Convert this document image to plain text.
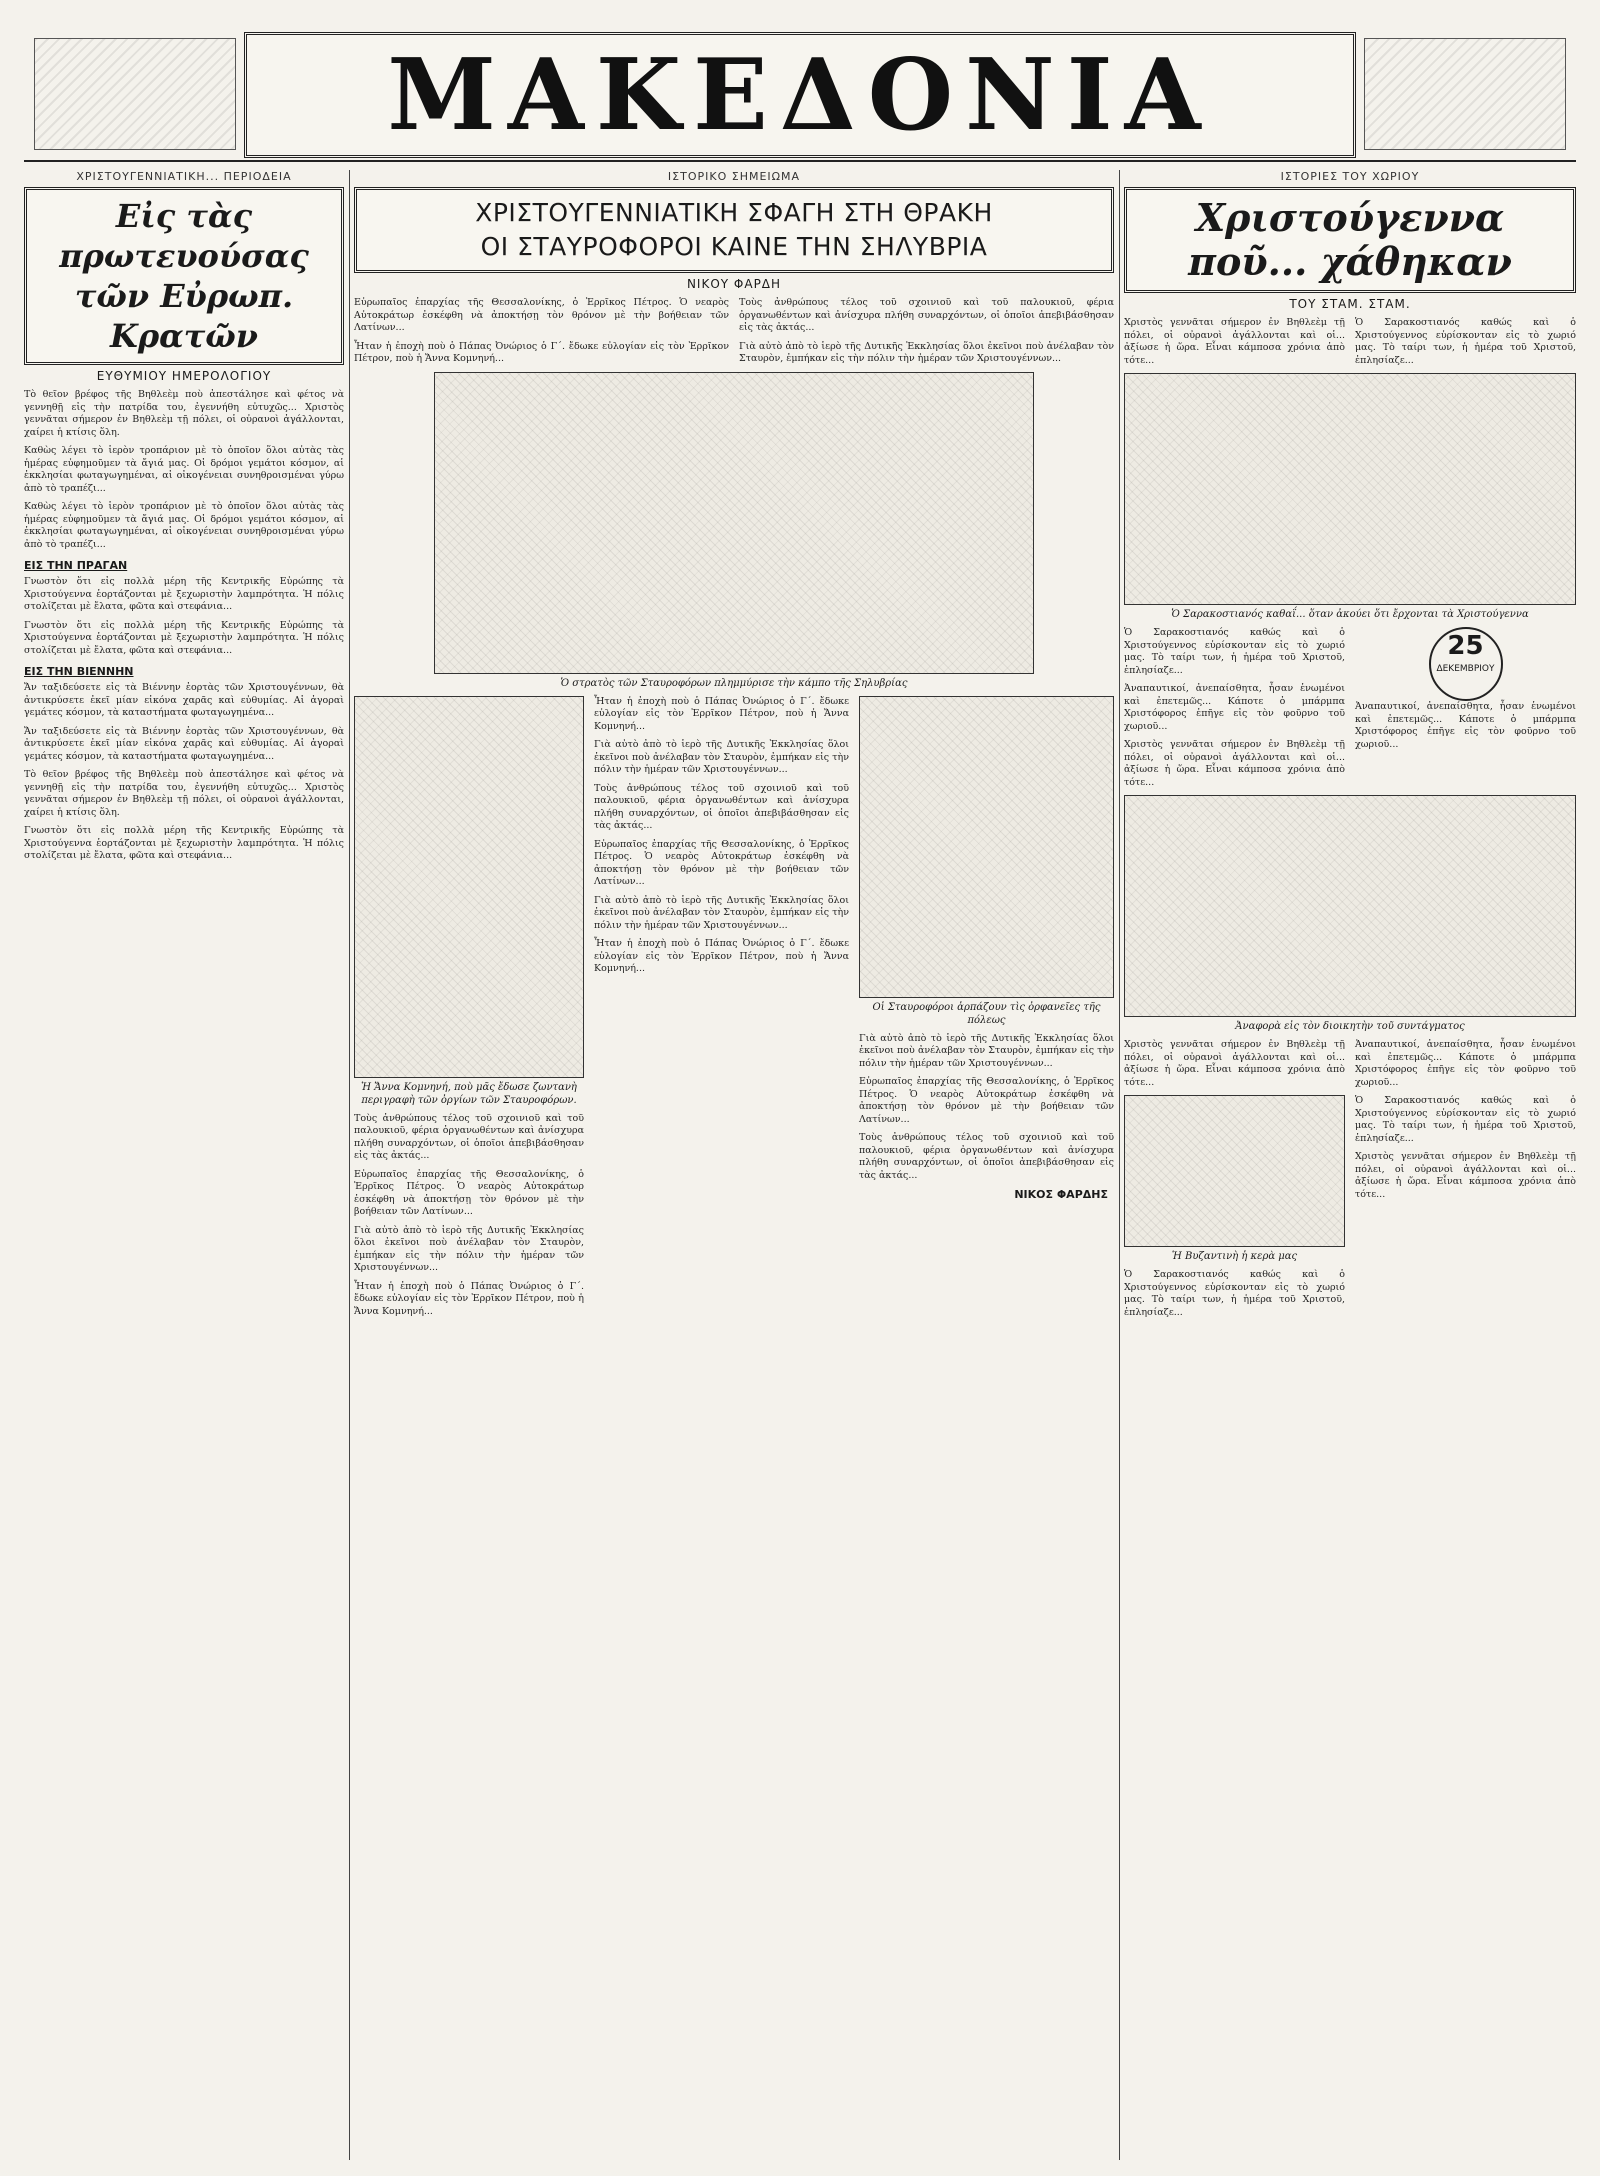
ΜΑΚΕΔΟΝΙΑ
ΧΡΙΣΤΟΥΓΕΝΝΙΑΤΙΚΗ... ΠΕΡΙΟΔΕΙΑ
Εἰς τὰς πρωτευούσας τῶν Εὐρωπ. Κρατῶν
ΕΥΘΥΜΙΟΥ ΗΜΕΡΟΛΟΓΙΟΥ

Τὸ θεῖον βρέφος τῆς Βηθλεὲμ ποὺ ἀπεστάλησε καὶ φέτος νὰ γεννηθῇ εἰς τὴν πατρίδα του, ἐγεννήθη εὐτυχῶς... Χριστὸς γεννᾶται σήμερον ἐν Βηθλεὲμ τῇ πόλει, οἱ οὐρανοὶ ἀγάλλονται, χαίρει ἡ κτίσις ὅλη.

Καθὼς λέγει τὸ ἱερὸν τροπάριον μὲ τὸ ὁποῖον ὅλοι αὐτὰς τὰς ἡμέρας εὐφημοῦμεν τὰ ἄγιά μας. Οἱ δρόμοι γεμάτοι κόσμον, αἱ ἐκκλησίαι φωταγωγημέναι, αἱ οἰκογένειαι συνηθροισμέναι γύρω ἀπὸ τὸ τραπέζι...

Καθὼς λέγει τὸ ἱερὸν τροπάριον μὲ τὸ ὁποῖον ὅλοι αὐτὰς τὰς ἡμέρας εὐφημοῦμεν τὰ ἄγιά μας. Οἱ δρόμοι γεμάτοι κόσμον, αἱ ἐκκλησίαι φωταγωγημέναι, αἱ οἰκογένειαι συνηθροισμέναι γύρω ἀπὸ τὸ τραπέζι...

ΕΙΣ ΤΗΝ ΠΡΑΓΑΝ

Γνωστὸν ὅτι εἰς πολλὰ μέρη τῆς Κεντρικῆς Εὐρώπης τὰ Χριστούγεννα ἑορτάζονται μὲ ξεχωριστὴν λαμπρότητα. Ἡ πόλις στολίζεται μὲ ἔλατα, φῶτα καὶ στεφάνια...

Γνωστὸν ὅτι εἰς πολλὰ μέρη τῆς Κεντρικῆς Εὐρώπης τὰ Χριστούγεννα ἑορτάζονται μὲ ξεχωριστὴν λαμπρότητα. Ἡ πόλις στολίζεται μὲ ἔλατα, φῶτα καὶ στεφάνια...

ΕΙΣ ΤΗΝ ΒΙΕΝΝΗΝ

Ἄν ταξιδεύσετε εἰς τὰ Βιέννην ἑορτὰς τῶν Χριστουγέννων, θὰ ἀντικρύσετε ἐκεῖ μίαν εἰκόνα χαρᾶς καὶ εὐθυμίας. Αἱ ἀγοραὶ γεμάτες κόσμον, τὰ καταστήματα φωταγωγημένα...

Ἄν ταξιδεύσετε εἰς τὰ Βιέννην ἑορτὰς τῶν Χριστουγέννων, θὰ ἀντικρύσετε ἐκεῖ μίαν εἰκόνα χαρᾶς καὶ εὐθυμίας. Αἱ ἀγοραὶ γεμάτες κόσμον, τὰ καταστήματα φωταγωγημένα...

Τὸ θεῖον βρέφος τῆς Βηθλεὲμ ποὺ ἀπεστάλησε καὶ φέτος νὰ γεννηθῇ εἰς τὴν πατρίδα του, ἐγεννήθη εὐτυχῶς... Χριστὸς γεννᾶται σήμερον ἐν Βηθλεὲμ τῇ πόλει, οἱ οὐρανοὶ ἀγάλλονται, χαίρει ἡ κτίσις ὅλη.

Γνωστὸν ὅτι εἰς πολλὰ μέρη τῆς Κεντρικῆς Εὐρώπης τὰ Χριστούγεννα ἑορτάζονται μὲ ξεχωριστὴν λαμπρότητα. Ἡ πόλις στολίζεται μὲ ἔλατα, φῶτα καὶ στεφάνια...

ΙΣΤΟΡΙΚΟ ΣΗΜΕΙΩΜΑ
ΧΡΙΣΤΟΥΓΕΝΝΙΑΤΙΚΗ ΣΦΑΓΗ ΣΤΗ ΘΡΑΚΗ
ΟΙ ΣΤΑΥΡΟΦΟΡΟΙ ΚΑΙΝΕ ΤΗΝ ΣΗΛΥΒΡΙΑ
ΝΙΚΟΥ ΦΑΡΔΗ

Εὐρωπαῖος ἐπαρχίας τῆς Θεσσαλονίκης, ὁ Ἐρρῖκος Πέτρος. Ὁ νεαρὸς Αὐτοκράτωρ ἐσκέφθη νὰ ἀποκτήσῃ τὸν θρόνον μὲ τὴν βοήθειαν τῶν Λατίνων...

Ἦταν ἡ ἐποχὴ ποὺ ὁ Πάπας Ὀνώριος ὁ Γ΄. ἔδωκε εὐλογίαν εἰς τὸν Ἐρρῖκον Πέτρον, ποὺ ἡ Ἄννα Κομνηνή...

Τοὺς ἀνθρώπους τέλος τοῦ σχοινιοῦ καὶ τοῦ παλουκιοῦ, φέρια ὀργανωθέντων καὶ ἀνίσχυρα πλήθη συναρχόντων, οἱ ὁποῖοι ἀπεβιβάσθησαν εἰς τὰς ἀκτάς...

Γιὰ αὐτὸ ἀπὸ τὸ ἱερὸ τῆς Δυτικῆς Ἐκκλησίας ὅλοι ἐκεῖνοι ποὺ ἀνέλαβαν τὸν Σταυρὸν, ἐμπήκαν εἰς τὴν πόλιν τὴν ἡμέραν τῶν Χριστουγέννων...

Ὁ στρατὸς τῶν Σταυροφόρων πλημμύρισε τὴν κάμπο τῆς Σηλυβρίας
Ἡ Ἄννα Κομνηνή, ποὺ μᾶς ἔδωσε ζωντανὴ περιγραφὴ τῶν ὀργίων τῶν Σταυροφόρων.

Τοὺς ἀνθρώπους τέλος τοῦ σχοινιοῦ καὶ τοῦ παλουκιοῦ, φέρια ὀργανωθέντων καὶ ἀνίσχυρα πλήθη συναρχόντων, οἱ ὁποῖοι ἀπεβιβάσθησαν εἰς τὰς ἀκτάς...

Εὐρωπαῖος ἐπαρχίας τῆς Θεσσαλονίκης, ὁ Ἐρρῖκος Πέτρος. Ὁ νεαρὸς Αὐτοκράτωρ ἐσκέφθη νὰ ἀποκτήσῃ τὸν θρόνον μὲ τὴν βοήθειαν τῶν Λατίνων...

Γιὰ αὐτὸ ἀπὸ τὸ ἱερὸ τῆς Δυτικῆς Ἐκκλησίας ὅλοι ἐκεῖνοι ποὺ ἀνέλαβαν τὸν Σταυρὸν, ἐμπήκαν εἰς τὴν πόλιν τὴν ἡμέραν τῶν Χριστουγέννων...

Ἦταν ἡ ἐποχὴ ποὺ ὁ Πάπας Ὀνώριος ὁ Γ΄. ἔδωκε εὐλογίαν εἰς τὸν Ἐρρῖκον Πέτρον, ποὺ ἡ Ἄννα Κομνηνή...

Ἦταν ἡ ἐποχὴ ποὺ ὁ Πάπας Ὀνώριος ὁ Γ΄. ἔδωκε εὐλογίαν εἰς τὸν Ἐρρῖκον Πέτρον, ποὺ ἡ Ἄννα Κομνηνή...

Γιὰ αὐτὸ ἀπὸ τὸ ἱερὸ τῆς Δυτικῆς Ἐκκλησίας ὅλοι ἐκεῖνοι ποὺ ἀνέλαβαν τὸν Σταυρὸν, ἐμπήκαν εἰς τὴν πόλιν τὴν ἡμέραν τῶν Χριστουγέννων...

Τοὺς ἀνθρώπους τέλος τοῦ σχοινιοῦ καὶ τοῦ παλουκιοῦ, φέρια ὀργανωθέντων καὶ ἀνίσχυρα πλήθη συναρχόντων, οἱ ὁποῖοι ἀπεβιβάσθησαν εἰς τὰς ἀκτάς...

Εὐρωπαῖος ἐπαρχίας τῆς Θεσσαλονίκης, ὁ Ἐρρῖκος Πέτρος. Ὁ νεαρὸς Αὐτοκράτωρ ἐσκέφθη νὰ ἀποκτήσῃ τὸν θρόνον μὲ τὴν βοήθειαν τῶν Λατίνων...

Γιὰ αὐτὸ ἀπὸ τὸ ἱερὸ τῆς Δυτικῆς Ἐκκλησίας ὅλοι ἐκεῖνοι ποὺ ἀνέλαβαν τὸν Σταυρὸν, ἐμπήκαν εἰς τὴν πόλιν τὴν ἡμέραν τῶν Χριστουγέννων...

Ἦταν ἡ ἐποχὴ ποὺ ὁ Πάπας Ὀνώριος ὁ Γ΄. ἔδωκε εὐλογίαν εἰς τὸν Ἐρρῖκον Πέτρον, ποὺ ἡ Ἄννα Κομνηνή...

Οἱ Σταυροφόροι ἁρπάζουν τὶς ὀρφανεῖες τῆς πόλεως

Γιὰ αὐτὸ ἀπὸ τὸ ἱερὸ τῆς Δυτικῆς Ἐκκλησίας ὅλοι ἐκεῖνοι ποὺ ἀνέλαβαν τὸν Σταυρὸν, ἐμπήκαν εἰς τὴν πόλιν τὴν ἡμέραν τῶν Χριστουγέννων...

Εὐρωπαῖος ἐπαρχίας τῆς Θεσσαλονίκης, ὁ Ἐρρῖκος Πέτρος. Ὁ νεαρὸς Αὐτοκράτωρ ἐσκέφθη νὰ ἀποκτήσῃ τὸν θρόνον μὲ τὴν βοήθειαν τῶν Λατίνων...

Τοὺς ἀνθρώπους τέλος τοῦ σχοινιοῦ καὶ τοῦ παλουκιοῦ, φέρια ὀργανωθέντων καὶ ἀνίσχυρα πλήθη συναρχόντων, οἱ ὁποῖοι ἀπεβιβάσθησαν εἰς τὰς ἀκτάς...

ΝΙΚΟΣ ΦΑΡΔΗΣ
ΙΣΤΟΡΙΕΣ ΤΟΥ ΧΩΡΙΟΥ
Χριστούγεννα ποῦ... χάθηκαν
ΤΟΥ ΣΤΑΜ. ΣΤΑΜ.

Χριστὸς γεννᾶται σήμερον ἐν Βηθλεὲμ τῇ πόλει, οἱ οὐρανοὶ ἀγάλλονται καὶ οἱ... ἀξίωσε ἡ ὥρα. Εἶναι κάμποσα χρόνια ἀπὸ τότε...

Ὁ Σαρακοστιανός καθώς καὶ ὁ Χριστούγεννος εὑρίσκονταν εἰς τὸ χωριό μας. Τὸ ταίρι των, ἡ ἡμέρα τοῦ Χριστοῦ, ἐπλησίαζε...

Ὁ Σαρακοστιανός καθαΐ... ὅταν ἀκούει ὅτι ἔρχονται τὰ Χριστούγεννα

Ὁ Σαρακοστιανός καθώς καὶ ὁ Χριστούγεννος εὑρίσκονταν εἰς τὸ χωριό μας. Τὸ ταίρι των, ἡ ἡμέρα τοῦ Χριστοῦ, ἐπλησίαζε...

Ἀναπαυτικοί, ἀνεπαίσθητα, ἦσαν ἑνωμένοι καὶ ἐπετεμῶς... Κάποτε ὁ μπάρμπα Χριστόφορος ἐπῆγε εἰς τὸν φοῦρνο τοῦ χωριοῦ...

Χριστὸς γεννᾶται σήμερον ἐν Βηθλεὲμ τῇ πόλει, οἱ οὐρανοὶ ἀγάλλονται καὶ οἱ... ἀξίωσε ἡ ὥρα. Εἶναι κάμποσα χρόνια ἀπὸ τότε...

25
ΔΕΚΕΜΒΡΙΟΥ

Ἀναπαυτικοί, ἀνεπαίσθητα, ἦσαν ἑνωμένοι καὶ ἐπετεμῶς... Κάποτε ὁ μπάρμπα Χριστόφορος ἐπῆγε εἰς τὸν φοῦρνο τοῦ χωριοῦ...

Ἀναφορὰ εἰς τὸν διοικητὴν τοῦ συντάγματος

Χριστὸς γεννᾶται σήμερον ἐν Βηθλεὲμ τῇ πόλει, οἱ οὐρανοὶ ἀγάλλονται καὶ οἱ... ἀξίωσε ἡ ὥρα. Εἶναι κάμποσα χρόνια ἀπὸ τότε...

Ἡ Βυζαντινὴ ἡ κερὰ μας

Ὁ Σαρακοστιανός καθώς καὶ ὁ Χριστούγεννος εὑρίσκονταν εἰς τὸ χωριό μας. Τὸ ταίρι των, ἡ ἡμέρα τοῦ Χριστοῦ, ἐπλησίαζε...

Ἀναπαυτικοί, ἀνεπαίσθητα, ἦσαν ἑνωμένοι καὶ ἐπετεμῶς... Κάποτε ὁ μπάρμπα Χριστόφορος ἐπῆγε εἰς τὸν φοῦρνο τοῦ χωριοῦ...

Ὁ Σαρακοστιανός καθώς καὶ ὁ Χριστούγεννος εὑρίσκονταν εἰς τὸ χωριό μας. Τὸ ταίρι των, ἡ ἡμέρα τοῦ Χριστοῦ, ἐπλησίαζε...

Χριστὸς γεννᾶται σήμερον ἐν Βηθλεὲμ τῇ πόλει, οἱ οὐρανοὶ ἀγάλλονται καὶ οἱ... ἀξίωσε ἡ ὥρα. Εἶναι κάμποσα χρόνια ἀπὸ τότε...
